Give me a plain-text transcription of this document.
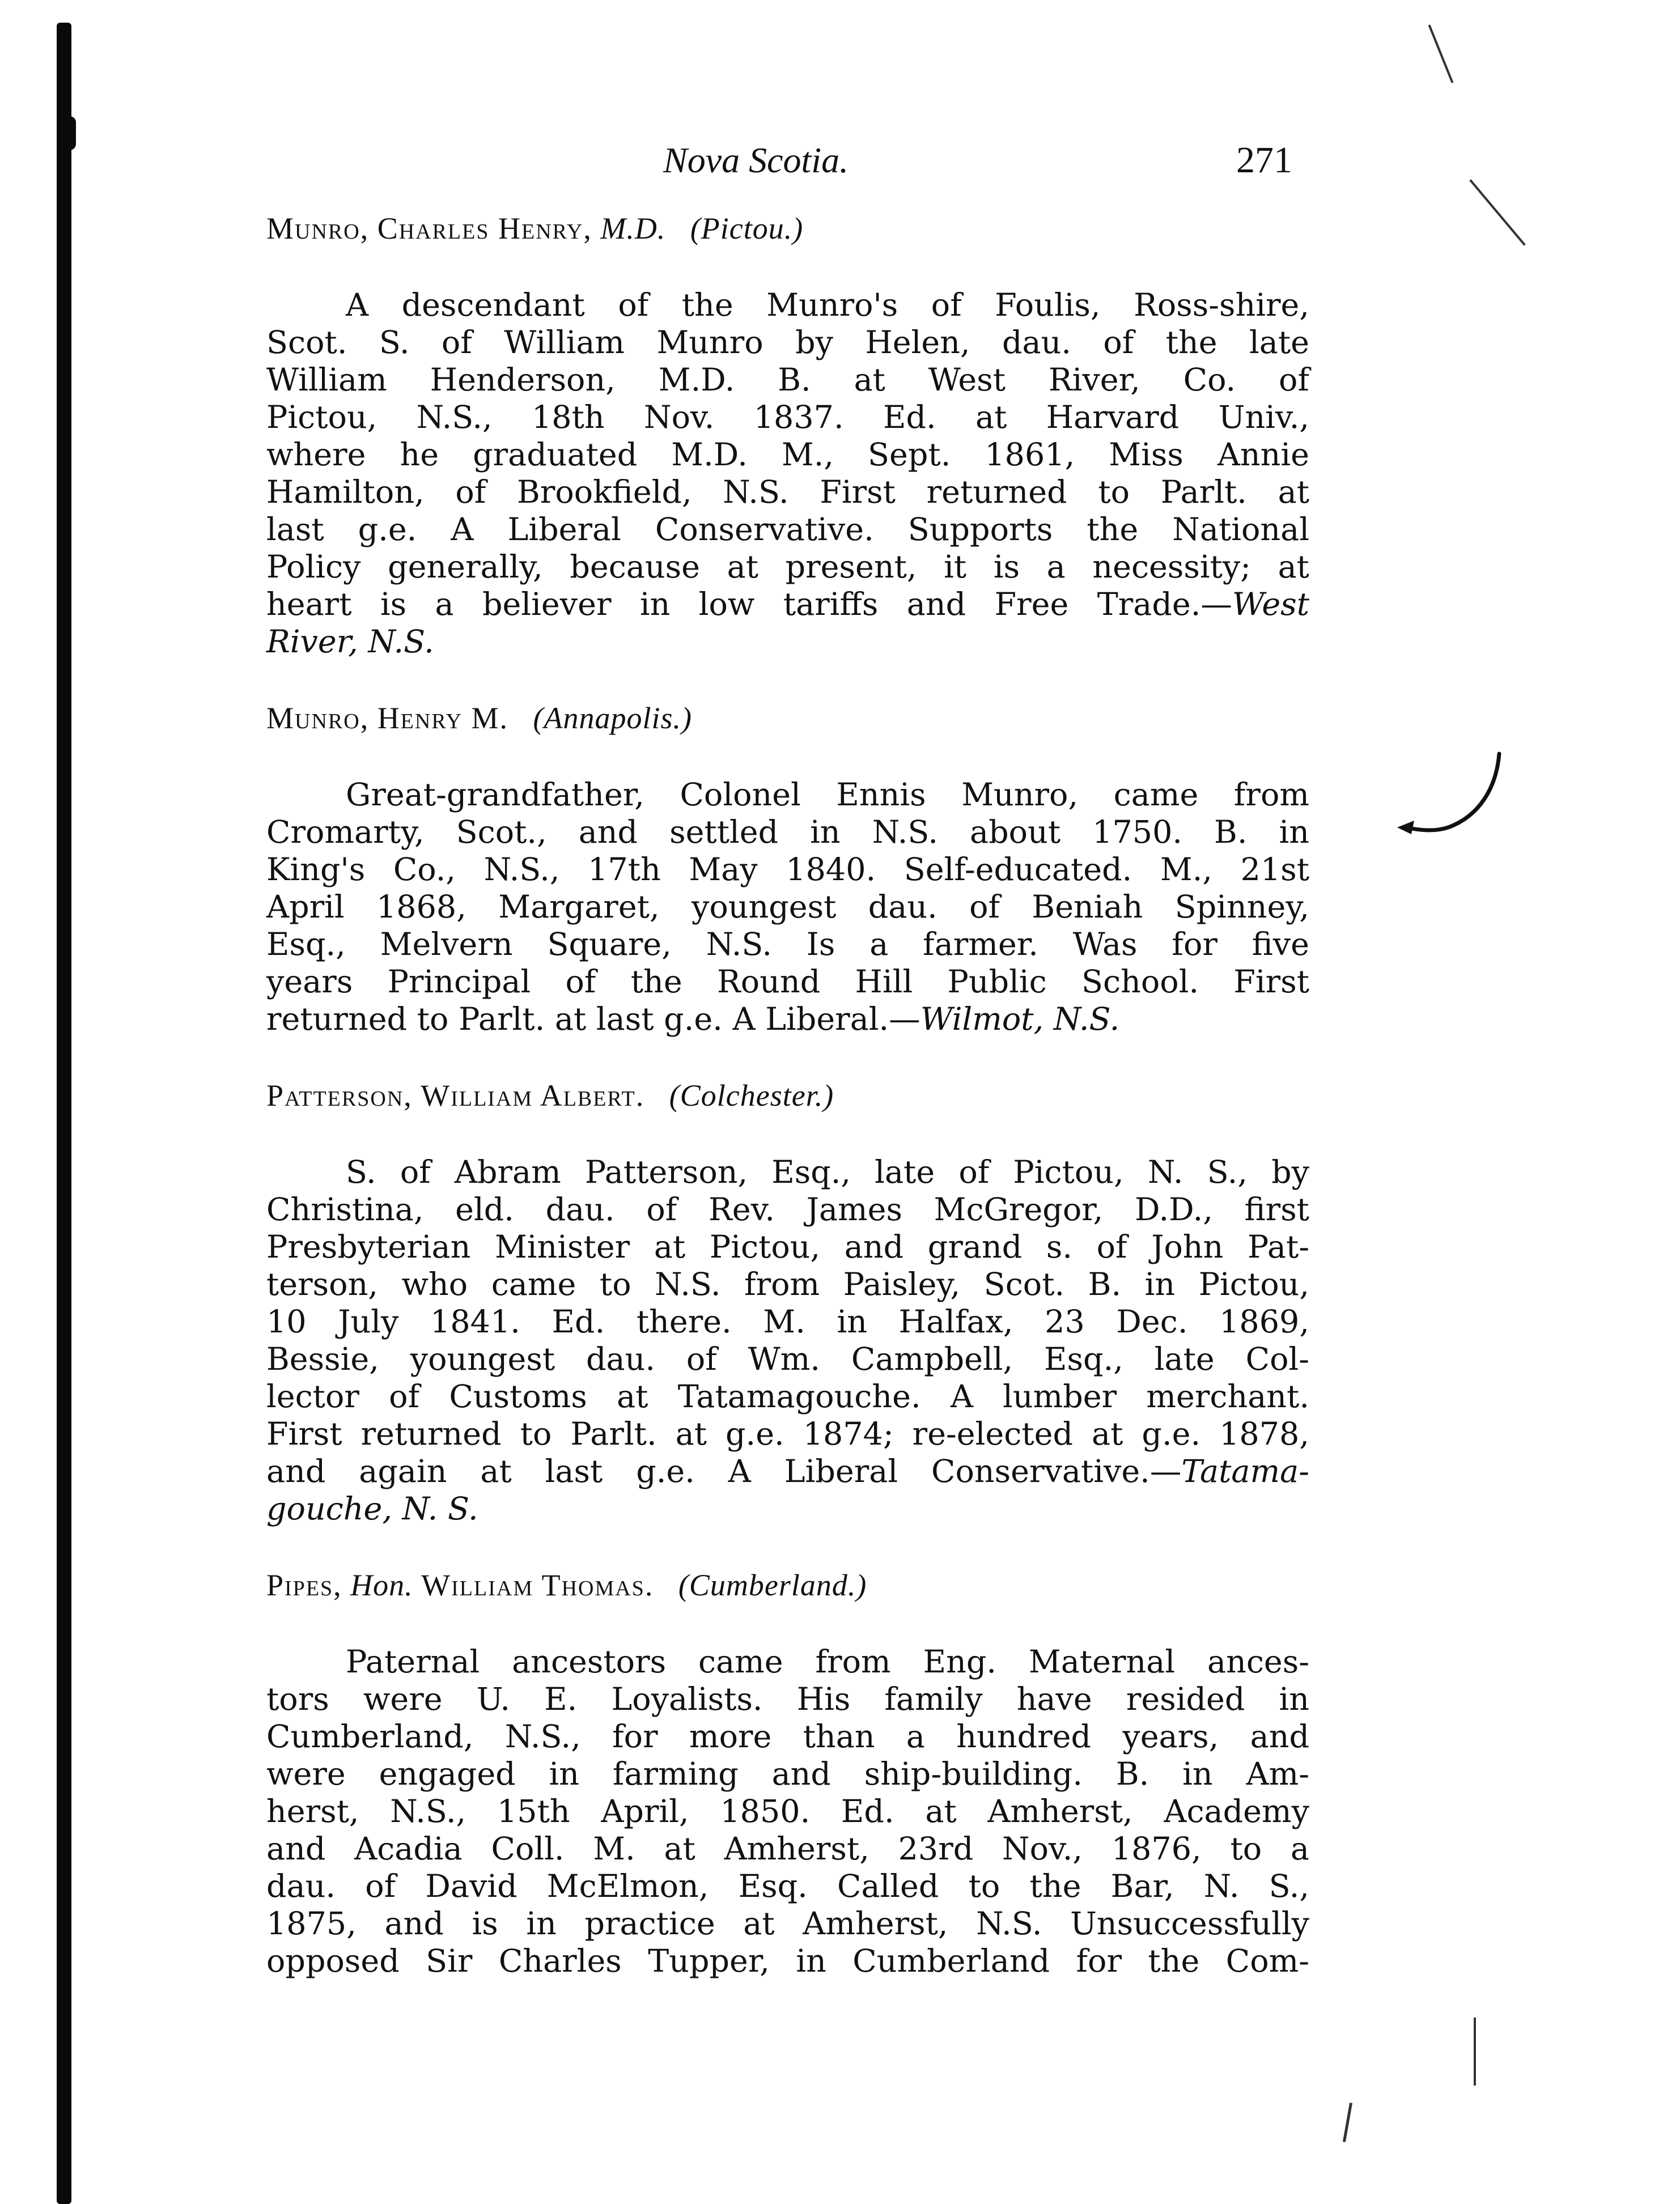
Nova Scotia.	271
Munro, Charles Henry, M.D. (Pictou.)
A descendant of the Munro's of Foulis, Ross-shire,
Scot. S. of William Munro by Helen, dau. of the late
William Henderson, M.D. B. at West River, Co. of
Pictou, N.S., 18th Nov. 1837. Ed. at Harvard Univ.,
where he graduated M.D. M., Sept. 1861, Miss Annie
Hamilton, of Brookfield, N.S. First returned to Parlt. at
last g.e. A Liberal Conservative. Supports the National
Policy generally, because at present, it is a necessity; at
heart is a believer in low tariffs and Free Trade.—West
River, N.S.
Munro, Henry M. (Annapolis.)
Great-grandfather, Colonel Ennis Munro, came from
Cromarty, Scot., and settled in N.S. about 1750. B. in
King's Co., N.S., 17th May 1840. Self-educated. M., 21st
April 1868, Margaret, youngest dau. of Beniah Spinney,
Esq., Melvern Square, N.S. Is a farmer. Was for five
years Principal of the Round Hill Public School. First
returned to Parlt. at last g.e. A Liberal.—Wilmot, N.S.
Patterson, William Albert. (Colchester.)
S. of Abram Patterson, Esq., late of Pictou, N. S., by
Christina, eld. dau. of Rev. James McGregor, D.D., first
Presbyterian Minister at Pictou, and grand s. of John Pat-
terson, who came to N.S. from Paisley, Scot. B. in Pictou,
10 July 1841. Ed. there. M. in Halfax, 23 Dec. 1869,
Bessie, youngest dau. of Wm. Campbell, Esq., late Col-
lector of Customs at Tatamagouche. A lumber merchant.
First returned to Parlt. at g.e. 1874; re-elected at g.e. 1878,
and again at last g.e. A Liberal Conservative.—Tatama-
gouche, N. S.
Pipes, Hon. William Thomas. (Cumberland.)
Paternal ancestors came from Eng. Maternal ances-
tors were U. E. Loyalists. His family have resided in
Cumberland, N.S., for more than a hundred years, and
were engaged in farming and ship-building. B. in Am-
herst, N.S., 15th April, 1850. Ed. at Amherst, Academy
and Acadia Coll. M. at Amherst, 23rd Nov., 1876, to a
dau. of David McElmon, Esq. Called to the Bar, N. S.,
1875, and is in practice at Amherst, N.S. Unsuccessfully
opposed Sir Charles Tupper, in Cumberland for the Com-
